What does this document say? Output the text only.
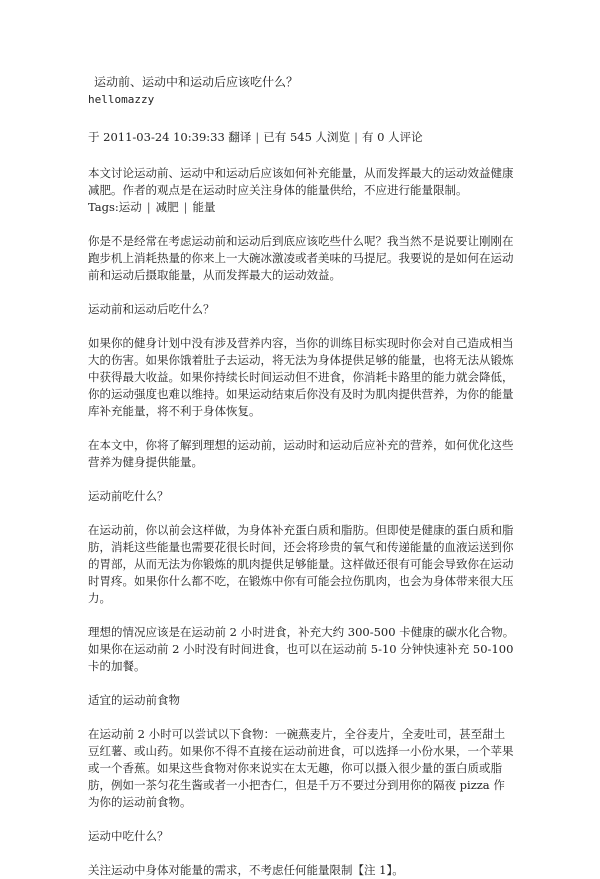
运动前、运动中和运动后应该吃什么？
hellomazzy
于 2011-03-24 10:39:33 翻译 | 已有 545 人浏览 | 有 0 人评论
本文讨论运动前、运动中和运动后应该如何补充能量，从而发挥最大的运动效益健康减肥。作者的观点是在运动时应关注身体的能量供给，不应进行能量限制。
Tags:运动 | 减肥 | 能量

你是不是经常在考虑运动前和运动后到底应该吃些什么呢？我当然不是说要让刚刚在跑步机上消耗热量的你来上一大碗冰激凌或者美味的马提尼。我要说的是如何在运动前和运动后摄取能量，从而发挥最大的运动效益。

运动前和运动后吃什么？

如果你的健身计划中没有涉及营养内容，当你的训练目标实现时你会对自己造成相当大的伤害。如果你饿着肚子去运动，将无法为身体提供足够的能量，也将无法从锻炼中获得最大收益。如果你持续长时间运动但不进食，你消耗卡路里的能力就会降低，你的运动强度也难以维持。如果运动结束后你没有及时为肌肉提供营养，为你的能量库补充能量，将不利于身体恢复。

在本文中，你将了解到理想的运动前，运动时和运动后应补充的营养，如何优化这些营养为健身提供能量。

运动前吃什么？

在运动前，你以前会这样做，为身体补充蛋白质和脂肪。但即使是健康的蛋白质和脂肪，消耗这些能量也需要花很长时间，还会将珍贵的氧气和传递能量的血液运送到你的胃部，从而无法为你锻炼的肌肉提供足够能量。这样做还很有可能会导致你在运动时胃疼。如果你什么都不吃，在锻炼中你有可能会拉伤肌肉，也会为身体带来很大压力。

理想的情况应该是在运动前 2 小时进食，补充大约 300-500 卡健康的碳水化合物。如果你在运动前 2 小时没有时间进食，也可以在运动前 5-10 分钟快速补充 50-100 卡的加餐。

适宜的运动前食物

在运动前 2 小时可以尝试以下食物：一碗燕麦片，全谷麦片，全麦吐司，甚至甜土豆红薯、或山药。如果你不得不直接在运动前进食，可以选择一小份水果，一个苹果或一个香蕉。如果这些食物对你来说实在太无趣，你可以摄入很少量的蛋白质或脂肪，例如一茶匀花生酱或者一小把杏仁，但是千万不要过分到用你的隔夜 pizza 作为你的运动前食物。

运动中吃什么？

关注运动中身体对能量的需求，不考虑任何能量限制【注 1】。
